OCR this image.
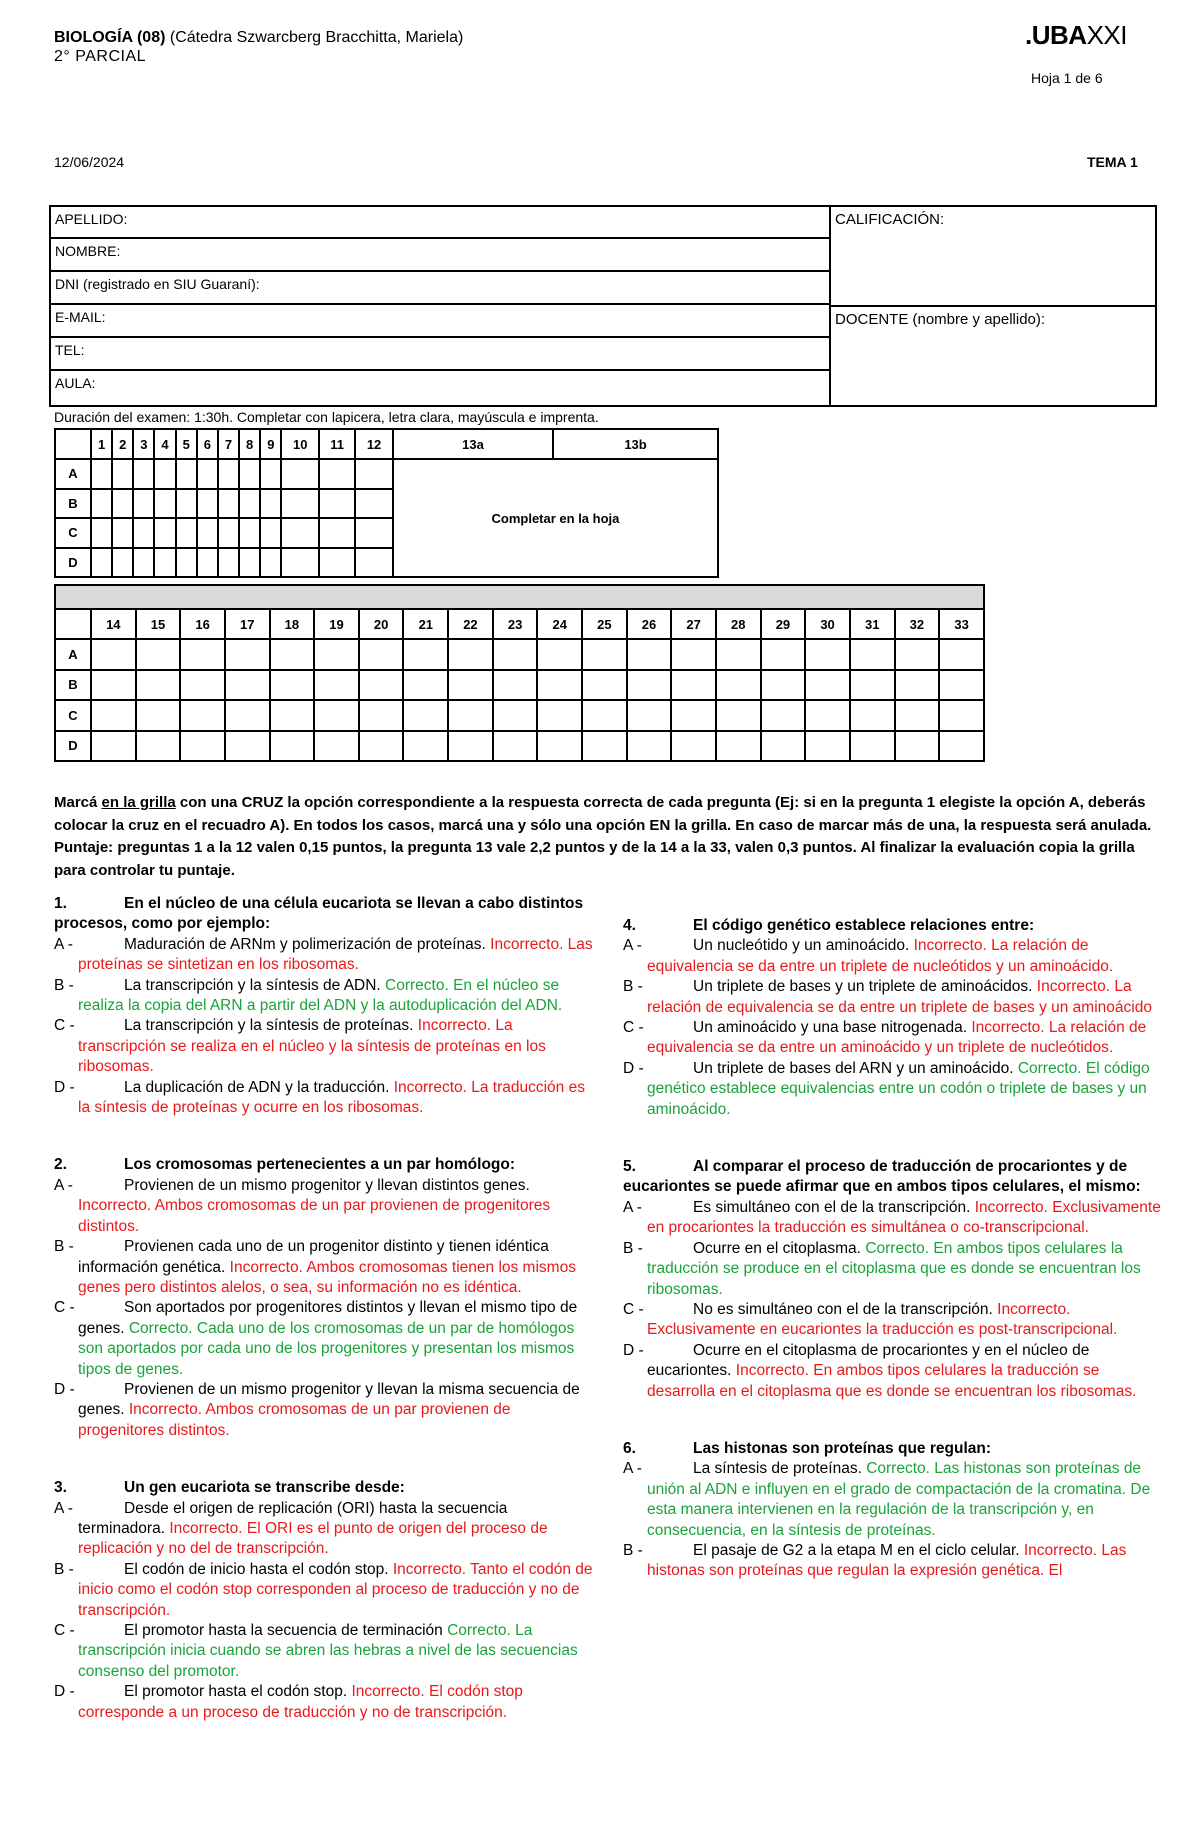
BIOLOGÍA (08) (Cátedra Szwarcberg Bracchitta, Mariela)
2° PARCIAL
.UBAXXI
Hoja 1 de 6
12/06/2024	TEMA 1
APELLIDO:
NOMBRE:
DNI (registrado en SIU Guaraní):
E-MAIL:
TEL:
AULA:
CALIFICACIÓN:
DOCENTE (nombre y apellido):
Duración del examen: 1:30h. Completar con lapicera, letra clara, mayúscula e imprenta.
	1	2	3	4	5	6	7	8	9	10	11	12	13a	13b
A													Completar en la hoja	
B														
C														
D														
	14	15	16	17	18	19	20	21	22	23	24	25	26	27	28	29	30	31	32	33
A																				
B																				
C																				
D																				
Marcá en la grilla con una CRUZ la opción correspondiente a la respuesta correcta de cada pregunta (Ej: si en la pregunta 1 elegiste la opción A, deberás colocar la cruz en el recuadro A). En todos los casos, marcá una y sólo una opción EN la grilla. En caso de marcar más de una, la respuesta será anulada. Puntaje: preguntas 1 a la 12 valen 0,15 puntos, la pregunta 13 vale 2,2 puntos y de la 14 a la 33, valen 0,3 puntos. Al finalizar la evaluación copia la grilla para controlar tu puntaje.
1.	En el núcleo de una célula eucariota se llevan a cabo distintos procesos, como por ejemplo:
A -	Maduración de ARNm y polimerización de proteínas. Incorrecto. Las proteínas se sintetizan en los ribosomas.
B -	La transcripción y la síntesis de ADN. Correcto. En el núcleo se realiza la copia del ARN a partir del ADN y la autoduplicación del ADN.
C -	La transcripción y la síntesis de proteínas. Incorrecto. La transcripción se realiza en el núcleo y la síntesis de proteínas en los ribosomas.
D -	La duplicación de ADN y la traducción. Incorrecto. La traducción es la síntesis de proteínas y ocurre en los ribosomas.
2.	Los cromosomas pertenecientes a un par homólogo:
A -	Provienen de un mismo progenitor y llevan distintos genes. Incorrecto. Ambos cromosomas de un par provienen de progenitores distintos.
B -	Provienen cada uno de un progenitor distinto y tienen idéntica información genética. Incorrecto. Ambos cromosomas tienen los mismos genes pero distintos alelos, o sea, su información no es idéntica.
C -	Son aportados por progenitores distintos y llevan el mismo tipo de genes. Correcto. Cada uno de los cromosomas de un par de homólogos son aportados por cada uno de los progenitores y presentan los mismos tipos de genes.
D -	Provienen de un mismo progenitor y llevan la misma secuencia de genes. Incorrecto. Ambos cromosomas de un par provienen de progenitores distintos.
3.	Un gen eucariota se transcribe desde:
A -	Desde el origen de replicación (ORI) hasta la secuencia terminadora. Incorrecto. El ORI es el punto de origen del proceso de replicación y no del de transcripción.
B -	El codón de inicio hasta el codón stop. Incorrecto. Tanto el codón de inicio como el codón stop corresponden al proceso de traducción y no de transcripción.
C -	El promotor hasta la secuencia de terminación Correcto. La transcripción inicia cuando se abren las hebras a nivel de las secuencias consenso del promotor.
D -	El promotor hasta el codón stop. Incorrecto. El codón stop corresponde a un proceso de traducción y no de transcripción.
4.	El código genético establece relaciones entre:
A -	Un nucleótido y un aminoácido. Incorrecto. La relación de equivalencia se da entre un triplete de nucleótidos y un aminoácido.
B -	Un triplete de bases y un triplete de aminoácidos. Incorrecto. La relación de equivalencia se da entre un triplete de bases y un aminoácido
C -	Un aminoácido y una base nitrogenada. Incorrecto. La relación de equivalencia se da entre un aminoácido y un triplete de nucleótidos.
D -	Un triplete de bases del ARN y un aminoácido. Correcto. El código genético establece equivalencias entre un codón o triplete de bases y un aminoácido.
5.	Al comparar el proceso de traducción de procariontes y de eucariontes se puede afirmar que en ambos tipos celulares, el mismo:
A -	Es simultáneo con el de la transcripción. Incorrecto. Exclusivamente en procariontes la traducción es simultánea o co-transcripcional.
B -	Ocurre en el citoplasma. Correcto. En ambos tipos celulares la traducción se produce en el citoplasma que es donde se encuentran los ribosomas.
C -	No es simultáneo con el de la transcripción. Incorrecto. Exclusivamente en eucariontes la traducción es post-transcripcional.
D -	Ocurre en el citoplasma de procariontes y en el núcleo de eucariontes. Incorrecto. En ambos tipos celulares la traducción se desarrolla en el citoplasma que es donde se encuentran los ribosomas.
6.	Las histonas son proteínas que regulan:
A -	La síntesis de proteínas. Correcto. Las histonas son proteínas de unión al ADN e influyen en el grado de compactación de la cromatina. De esta manera intervienen en la regulación de la transcripción y, en consecuencia, en la síntesis de proteínas.
B -	El pasaje de G2 a la etapa M en el ciclo celular. Incorrecto. Las histonas son proteínas que regulan la expresión genética. El
